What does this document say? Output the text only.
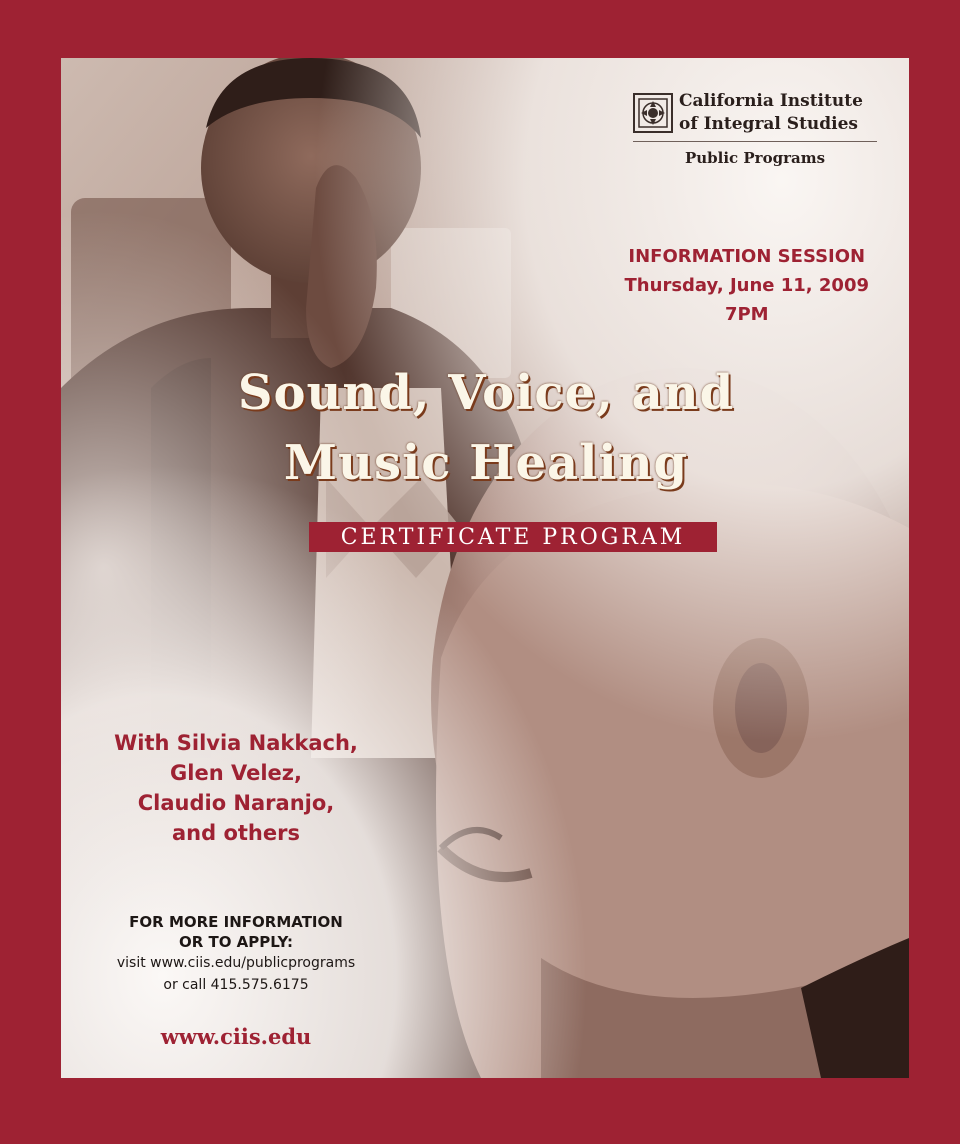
California Institute
of Integral Studies
Public Programs
INFORMATION SESSION
Thursday, June 11, 2009
7PM
Sound, Voice, and
Music Healing
CERTIFICATE PROGRAM
With Silvia Nakkach,
Glen Velez,
Claudio Naranjo,
and others
FOR MORE INFORMATION
OR TO APPLY:
visit www.ciis.edu/publicprograms
or call 415.575.6175
www.ciis.edu
